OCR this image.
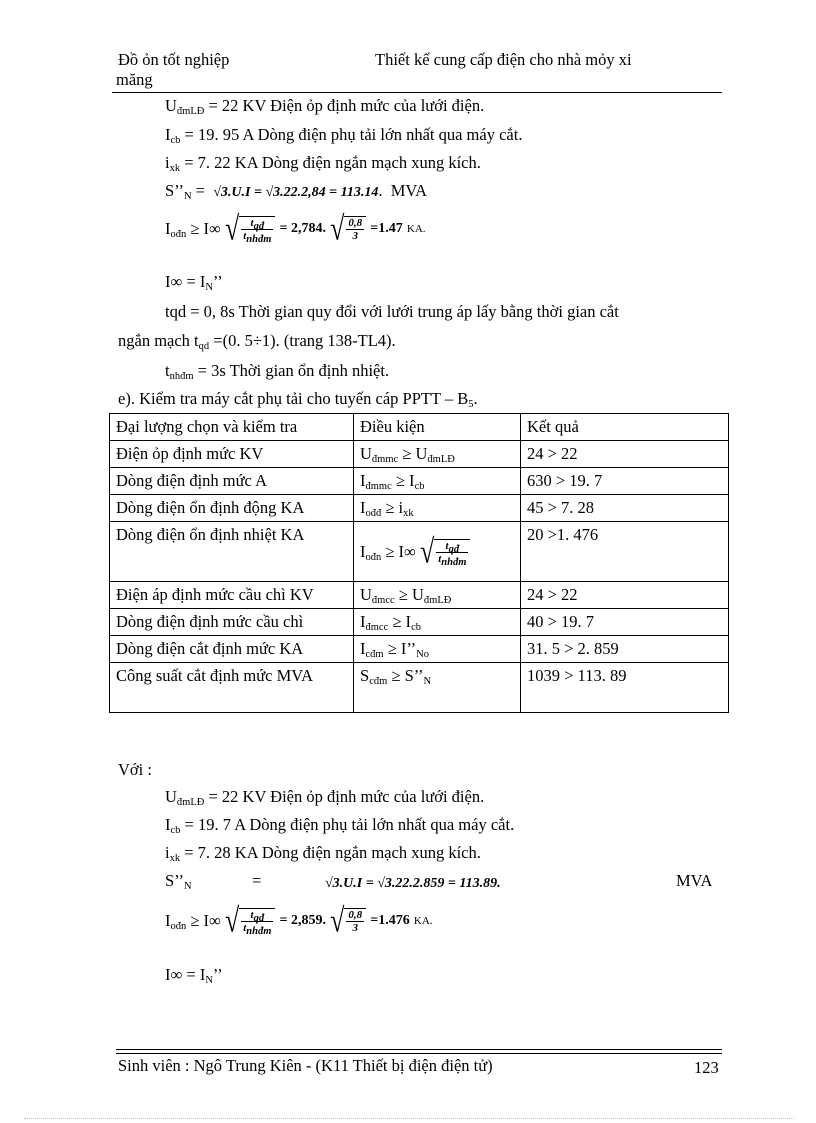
Đồ ỏn tốt nghiệp
măng
Thiết kế cung cấp điện cho nhà mỏy xi
$U_{đmLĐ} = 22$ KV Điện ỏp định mức của lưới điện.
$I_{cb} = 19$. 95 A Dòng điện phụ tải lớn nhất qua máy cắt.
$i_{xk} = 7$. 22 KA Dòng điện ngắn mạch xung kích.
$S’’_N = √3.U.I = √3.22.2,84 = 113.14$.  MVA
$I_{ođn} \ge I\infty$ √ $\frac{t_{qđ}}{t_{nhđm}} = 2,784$. √ $\frac{0,8}{3} =1.47$ KA.
$I\infty = I_N$’’
tqd = 0, 8s Thời gian quy đổi với lưới trung áp lấy bằng thời gian cắt
ngắn mạch $t_{qd} =(0$. 5÷1). (trang 138-TL4).
$t_{nhđm} = 3s$ Thời gian ổn định nhiệt.
e). Kiểm tra máy cắt phụ tải cho tuyến cáp PPTT – $B_5$.
Đại lượng chọn và kiểm tra	Điều kiện	Kết quả
Điện ỏp định mức KV	$U_{đmmc} \ge U_{đmLĐ}$	24 > 22
Dòng điện định mức A	$I_{đmmc} \ge I_{cb}$	630 > 19. 7
Dòng điện ổn định động KA	$I_{ođđ} \ge i_{xk}$	45 > 7. 28
Dòng điện ổn định nhiệt KA	$I_{ođn} \ge I\infty$ √ $\frac{t_{qđ}}{t_{nhđm}}$	20 >1. 476
Điện áp định mức cầu chì KV	$U_{đmcc} \ge U_{đmLĐ}$	24 > 22
Dòng điện định mức cầu chì	$I_{đmcc} \ge I_{cb}$	40 > 19. 7
Dòng điện cắt định mức KA	$I_{cđm}$ ≥ $I’’_{No}$	31. 5 > 2. 859
Công suất cắt định mức MVA	$S_{cđm}$ ≥ $S’’_N$	1039 > 113. 89
Với :
$U_{đmLĐ} = 22$ KV Điện ỏp định mức của lưới điện.
$I_{cb} = 19$. 7 A Dòng điện phụ tải lớn nhất qua máy cắt.
$i_{xk} = 7$. 28 KA Dòng điện ngắn mạch xung kích.
$S’’_N$	=	√3.U.I = √3.22.2.859 = 113.89.	MVA
$I_{ođn} \ge I\infty$ √ $\frac{t_{qđ}}{t_{nhđm}} = 2,859$. √ $\frac{0,8}{3} =1.476$ KA.
$I\infty = I_N$’’
Sinh viên : Ngô Trung Kiên - (K11 Thiết bị điện điện tử)	123
